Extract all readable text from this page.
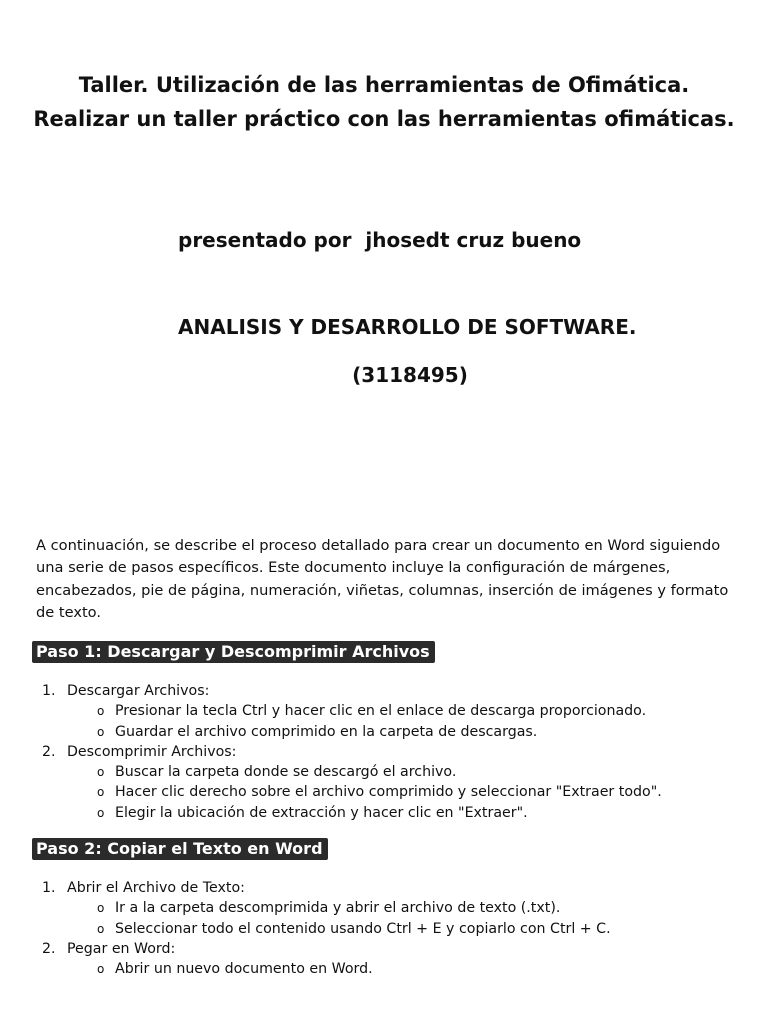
Taller. Utilización de las herramientas de Ofimática.
Realizar un taller práctico con las herramientas ofimáticas.
presentado por  jhosedt cruz bueno
ANALISIS Y DESARROLLO DE SOFTWARE.
(3118495)
A continuación, se describe el proceso detallado para crear un documento en Word siguiendo una serie de pasos específicos. Este documento incluye la configuración de márgenes, encabezados, pie de página, numeración, viñetas, columnas, inserción de imágenes y formato de texto.
Paso 1: Descargar y Descomprimir Archivos
1. Descargar Archivos:
o Presionar la tecla Ctrl y hacer clic en el enlace de descarga proporcionado.
o Guardar el archivo comprimido en la carpeta de descargas.
2. Descomprimir Archivos:
o Buscar la carpeta donde se descargó el archivo.
o Hacer clic derecho sobre el archivo comprimido y seleccionar "Extraer todo".
o Elegir la ubicación de extracción y hacer clic en "Extraer".
Paso 2: Copiar el Texto en Word
1. Abrir el Archivo de Texto:
o Ir a la carpeta descomprimida y abrir el archivo de texto (.txt).
o Seleccionar todo el contenido usando Ctrl + E y copiarlo con Ctrl + C.
2. Pegar en Word:
o Abrir un nuevo documento en Word.
